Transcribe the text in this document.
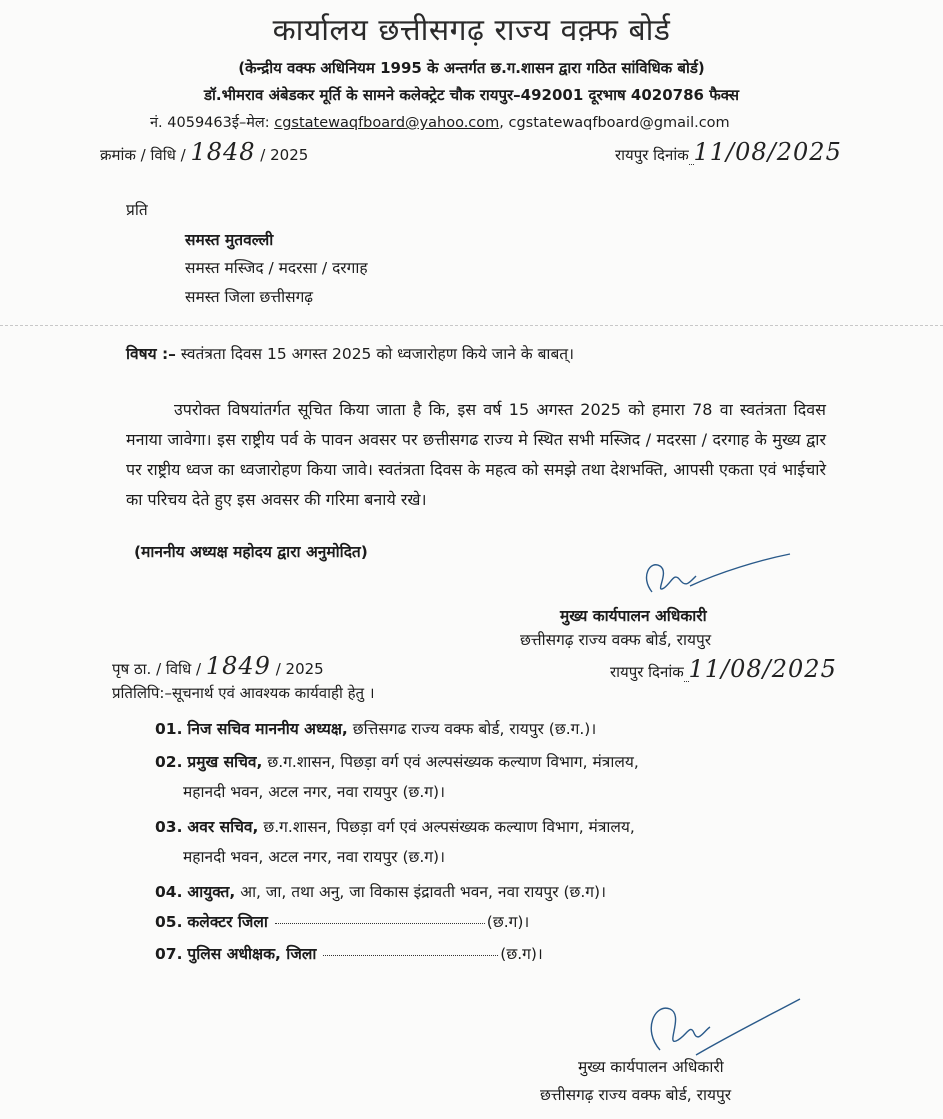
कार्यालय छत्तीसगढ़ राज्य वक़्फ बोर्ड
(केन्द्रीय वक्फ अधिनियम 1995 के अन्तर्गत छ.ग.शासन द्वारा गठित सांविधिक बोर्ड)
डॉ.भीमराव अंबेडकर मूर्ति के सामने कलेक्ट्रेट चौक रायपुर–492001 दूरभाष 4020786 फैक्स
नं. 4059463ई–मेल: cgstatewaqfboard@yahoo.com, cgstatewaqfboard@gmail.com
क्रमांक / विधि / 1848 / 2025	रायपुर दिनांक 11/08/2025
प्रति
समस्त मुतवल्ली
समस्त मस्जिद / मदरसा / दरगाह
समस्त जिला छत्तीसगढ़
विषय :– स्वतंत्रता दिवस 15 अगस्त 2025 को ध्वजारोहण किये जाने के बाबत्।

उपरोक्त विषयांतर्गत सूचित किया जाता है कि, इस वर्ष 15 अगस्त 2025 को हमारा 78 वा स्वतंत्रता दिवस मनाया जावेगा। इस राष्ट्रीय पर्व के पावन अवसर पर छत्तीसगढ राज्य मे स्थित सभी मस्जिद / मदरसा / दरगाह के मुख्य द्वार पर राष्ट्रीय ध्वज का ध्वजारोहण किया जावे। स्वतंत्रता दिवस के महत्व को समझे तथा देशभक्ति, आपसी एकता एवं भाईचारे का परिचय देते हुए इस अवसर की गरिमा बनाये रखे।

(माननीय अध्यक्ष महोदय द्वारा अनुमोदित)
मुख्य कार्यपालन अधिकारी
छत्तीसगढ़ राज्य वक्फ बोर्ड, रायपुर
पृष ठा. / विधि / 1849 / 2025	रायपुर दिनांक 11/08/2025
प्रतिलिपि:–सूचनार्थ एवं आवश्यक कार्यवाही हेतु ।
01. निज सचिव माननीय अध्यक्ष, छत्तिसगढ राज्य वक्फ बोर्ड, रायपुर (छ.ग.)।
02. प्रमुख सचिव, छ.ग.शासन, पिछड़ा वर्ग एवं अल्पसंख्यक कल्याण विभाग, मंत्रालय,
महानदी भवन, अटल नगर, नवा रायपुर (छ.ग)।
03. अवर सचिव, छ.ग.शासन, पिछड़ा वर्ग एवं अल्पसंख्यक कल्याण विभाग, मंत्रालय,
महानदी भवन, अटल नगर, नवा रायपुर (छ.ग)।
04. आयुक्त, आ, जा, तथा अनु, जा विकास इंद्रावती भवन, नवा रायपुर (छ.ग)।
05. कलेक्टर जिला	(छ.ग)।
07. पुलिस अधीक्षक, जिला	(छ.ग)।
मुख्य कार्यपालन अधिकारी
छत्तीसगढ़ राज्य वक्फ बोर्ड, रायपुर
